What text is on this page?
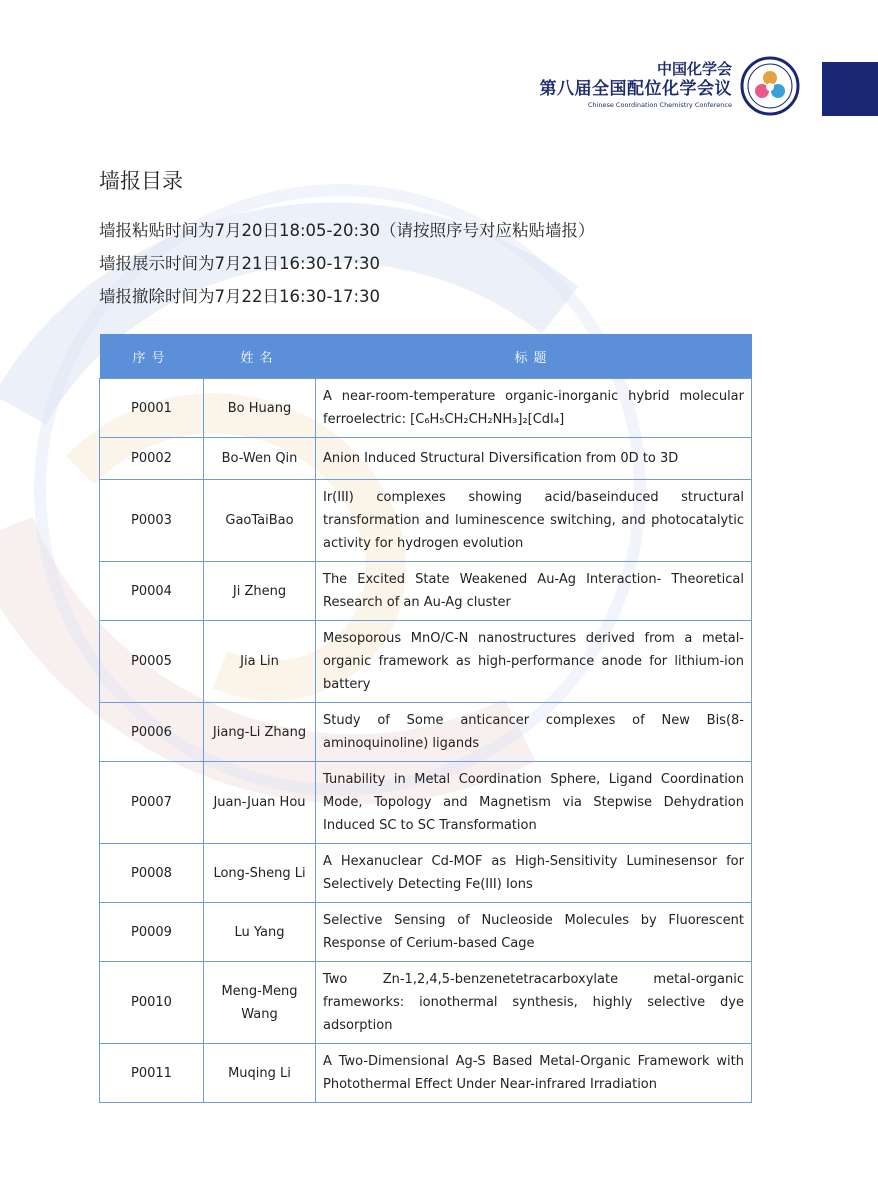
中国化学会
第八届全国配位化学会议
Chinese Coordination Chemistry Conference
墙报目录
墙报粘贴时间为7月20日18:05-20:30（请按照序号对应粘贴墙报）
墙报展示时间为7月21日16:30-17:30
墙报撤除时间为7月22日16:30-17:30
序号	姓名	标题
P0001	Bo Huang	A near-room-temperature organic-inorganic hybrid molecular ferroelectric: [C₆H₅CH₂CH₂NH₃]₂[CdI₄]
P0002	Bo-Wen Qin	Anion Induced Structural Diversification from 0D to 3D
P0003	GaoTaiBao	Ir(III) complexes showing acid/baseinduced structural transformation and luminescence switching, and photocatalytic activity for hydrogen evolution
P0004	Ji Zheng	The Excited State Weakened Au-Ag Interaction- Theoretical Research of an Au-Ag cluster
P0005	Jia Lin	Mesoporous MnO/C-N nanostructures derived from a metal-organic framework as high-performance anode for lithium-ion battery
P0006	Jiang-Li Zhang	Study of Some anticancer complexes of New Bis(8-aminoquinoline) ligands
P0007	Juan-Juan Hou	Tunability in Metal Coordination Sphere, Ligand Coordination Mode, Topology and Magnetism via Stepwise Dehydration Induced SC to SC Transformation
P0008	Long-Sheng Li	A Hexanuclear Cd-MOF as High-Sensitivity Luminesensor for Selectively Detecting Fe(III) Ions
P0009	Lu Yang	Selective Sensing of Nucleoside Molecules by Fluorescent Response of Cerium-based Cage
P0010	Meng-Meng Wang	Two Zn-1,2,4,5-benzenetetracarboxylate metal-organic frameworks: ionothermal synthesis, highly selective dye adsorption
P0011	Muqing Li	A Two-Dimensional Ag-S Based Metal-Organic Framework with Photothermal Effect Under Near-infrared Irradiation
